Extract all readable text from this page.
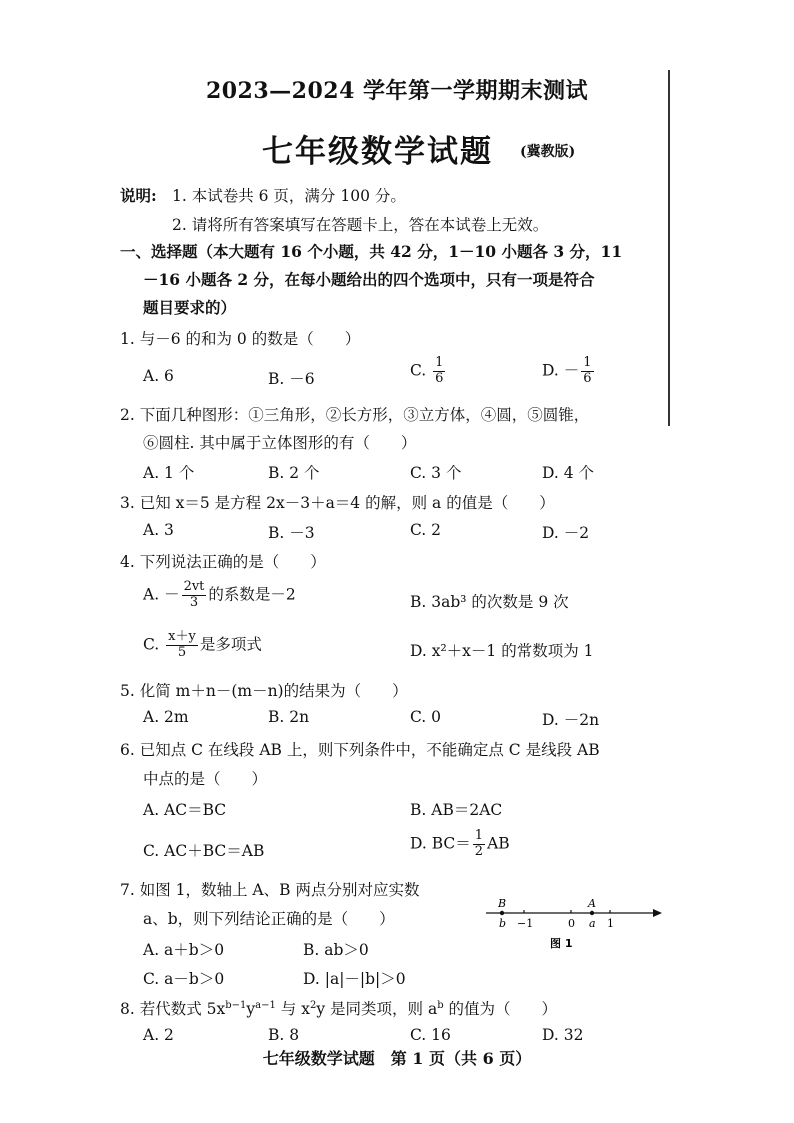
2023—2024 学年第一学期期末测试
七年级数学试题 (冀教版)
说明: 1. 本试卷共 6 页，满分 100 分。
2. 请将所有答案填写在答题卡上，答在本试卷上无效。
一、选择题（本大题有 16 个小题，共 42 分，1－10 小题各 3 分，11
－16 小题各 2 分，在每小题给出的四个选项中，只有一项是符合
题目要求的）
1. 与－6 的和为 0 的数是（　　）
A. 6	B. －6	C. $\frac{1}{6}$	D. － $\frac{1}{6}$
2. 下面几种图形：①三角形，②长方形，③立方体，④圆，⑤圆锥，
⑥圆柱. 其中属于立体图形的有（　　）
A. 1 个	B. 2 个	C. 3 个	D. 4 个
3. 已知 x＝5 是方程 2x－3＋a＝4 的解，则 a 的值是（　　）
A. 3	B. －3	C. 2	D. －2
4. 下列说法正确的是（　　）
A. － $\frac{2vt}{3}$ 的系数是－2	B. 3ab³ 的次数是 9 次
C. $\frac{x+y}{5}$ 是多项式	D. x²＋x－1 的常数项为 1
5. 化简 m＋n－(m－n)的结果为（　　）
A. 2m	B. 2n	C. 0	D. －2n
6. 已知点 C 在线段 AB 上，则下列条件中，不能确定点 C 是线段 AB
中点的是（　　）
A. AC＝BC	B. AB＝2AC
C. AC＋BC＝AB	D. $BC= \frac{1}{2}$ AB
7. 如图 1，数轴上 A、B 两点分别对应实数
a、b，则下列结论正确的是（　　）
A. a＋b＞0	B. ab＞0
C. a－b＞0	D. |a|－|b|＞0
B	A
b −1	0 a 1
图 1
8. 若代数式 $5x^{b-1}y^{a-1}$ 与 $x^2y$ 是同类项，则 $a^b$ 的值为（　　）
A. 2	B. 8	C. 16	D. 32
七年级数学试题　第 1 页（共 6 页）
